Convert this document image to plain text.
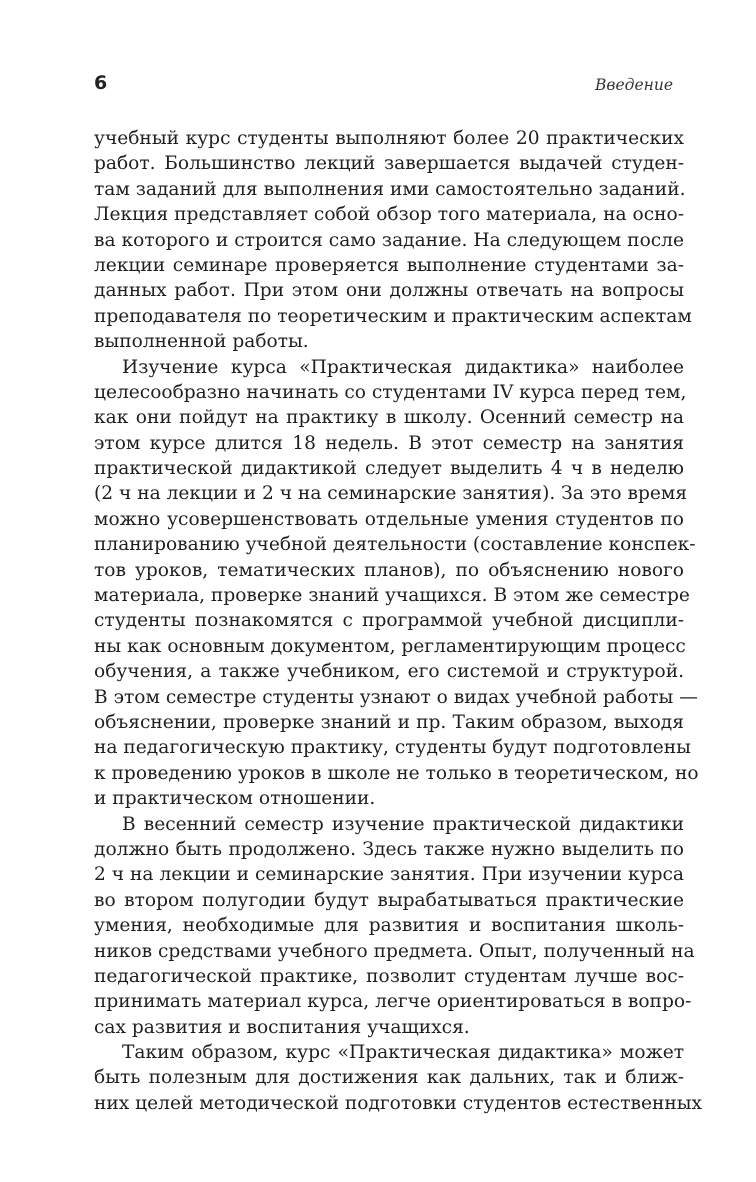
6	Введение
учебный курс студенты выполняют более 20 практических
работ. Большинство лекций завершается выдачей студен-
там заданий для выполнения ими самостоятельно заданий.
Лекция представляет собой обзор того материала, на осно-
ва которого и строится само задание. На следующем после
лекции семинаре проверяется выполнение студентами за-
данных работ. При этом они должны отвечать на вопросы
преподавателя по теоретическим и практическим аспектам
выполненной работы.
Изучение курса «Практическая дидактика» наиболее
целесообразно начинать со студентами IV курса перед тем,
как они пойдут на практику в школу. Осенний семестр на
этом курсе длится 18 недель. В этот семестр на занятия
практической дидактикой следует выделить 4 ч в неделю
(2 ч на лекции и 2 ч на семинарские занятия). За это время
можно усовершенствовать отдельные умения студентов по
планированию учебной деятельности (составление конспек-
тов уроков, тематических планов), по объяснению нового
материала, проверке знаний учащихся. В этом же семестре
студенты познакомятся с программой учебной дисципли-
ны как основным документом, регламентирующим процесс
обучения, а также учебником, его системой и структурой.
В этом семестре студенты узнают о видах учебной работы —
объяснении, проверке знаний и пр. Таким образом, выходя
на педагогическую практику, студенты будут подготовлены
к проведению уроков в школе не только в теоретическом, но
и практическом отношении.
В весенний семестр изучение практической дидактики
должно быть продолжено. Здесь также нужно выделить по
2 ч на лекции и семинарские занятия. При изучении курса
во втором полугодии будут вырабатываться практические
умения, необходимые для развития и воспитания школь-
ников средствами учебного предмета. Опыт, полученный на
педагогической практике, позволит студентам лучше вос-
принимать материал курса, легче ориентироваться в вопро-
сах развития и воспитания учащихся.
Таким образом, курс «Практическая дидактика» может
быть полезным для достижения как дальних, так и ближ-
них целей методической подготовки студентов естественных
